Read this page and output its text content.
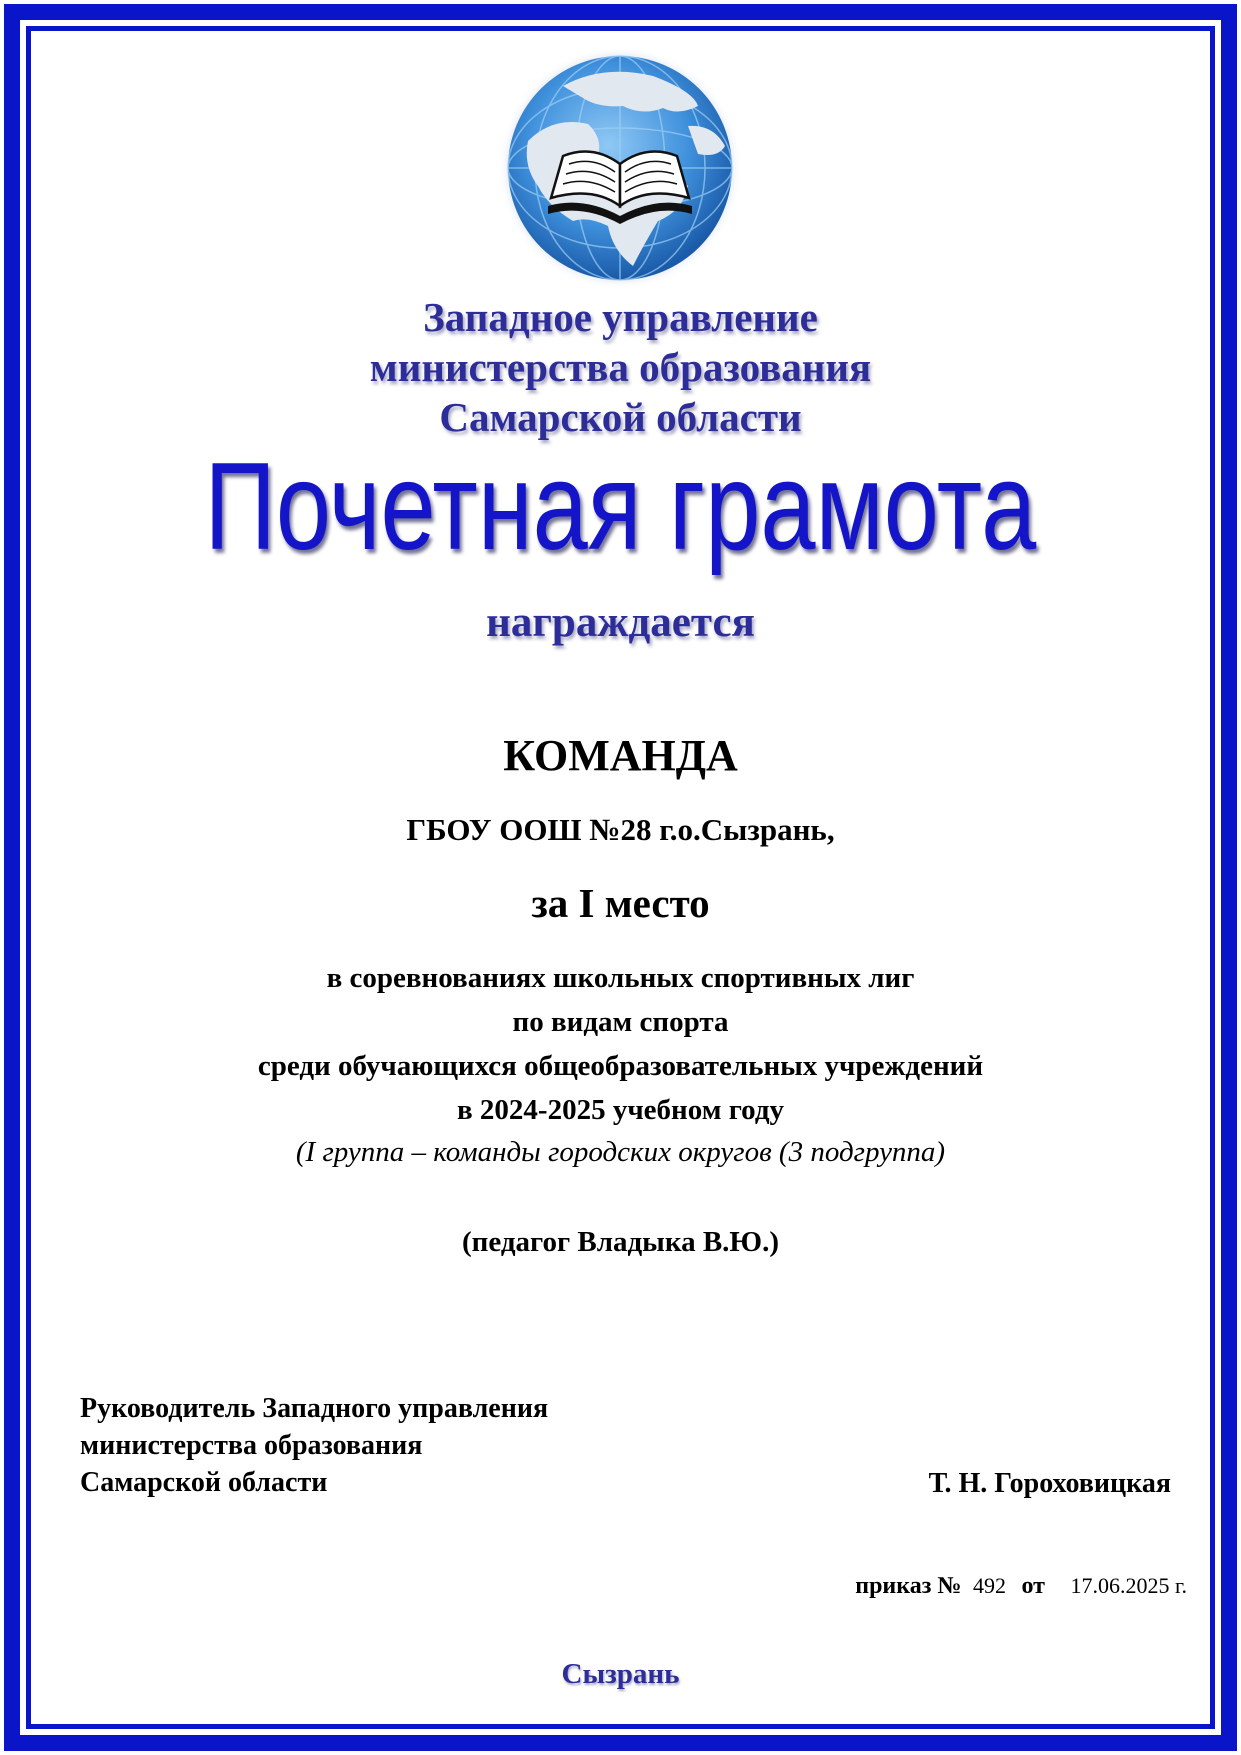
Западное управление
министерства образования
Самарской области
Почетная грамота
награждается
КОМАНДА
ГБОУ ООШ №28 г.о.Сызрань,
за I место
в соревнованиях школьных спортивных лиг
по видам спорта
среди обучающихся общеобразовательных учреждений
в 2024-2025 учебном году
(I группа – команды городских округов (3 подгруппа)
(педагог Владыка В.Ю.)
Руководитель Западного управления
министерства образования
Самарской области	Т. Н. Гороховицкая
приказ № 492 от 17.06.2025 г.
Сызрань
